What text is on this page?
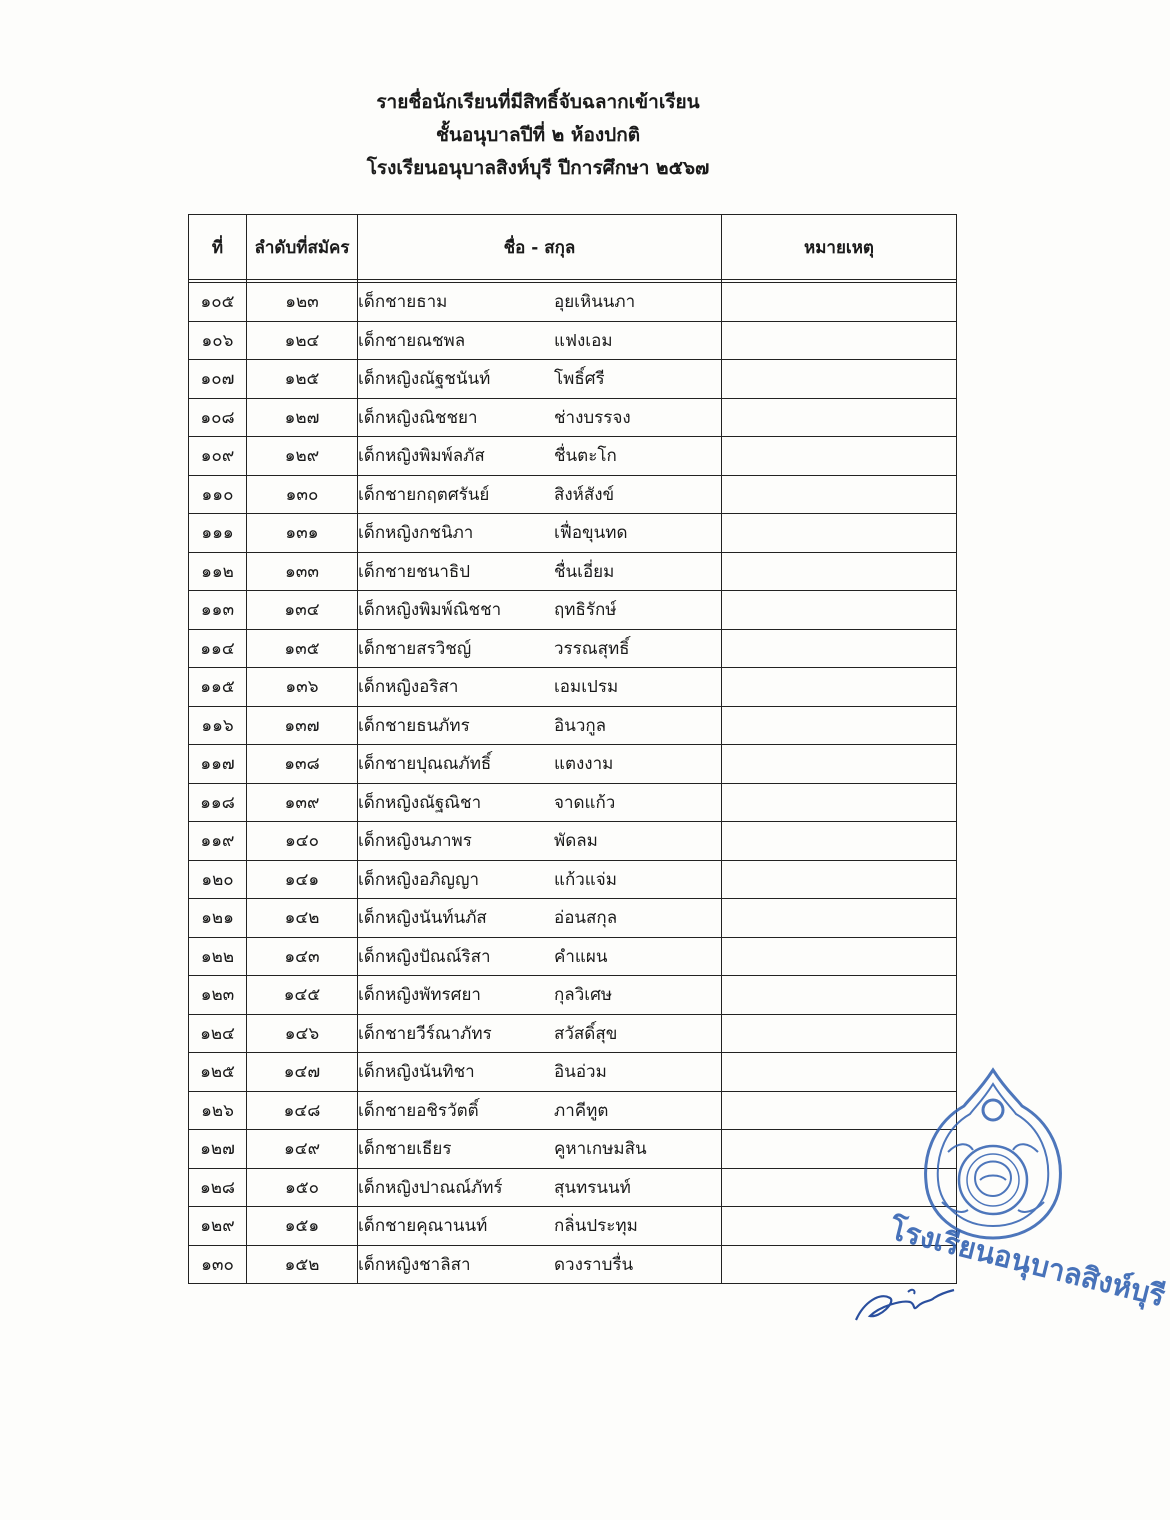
รายชื่อนักเรียนที่มีสิทธิ์จับฉลากเข้าเรียน
ชั้นอนุบาลปีที่ ๒ ห้องปกติ
โรงเรียนอนุบาลสิงห์บุรี ปีการศึกษา ๒๕๖๗
ที่	ลำดับที่สมัคร	ชื่อ - สกุล	หมายเหตุ

๑๐๕	๑๒๓	เด็กชายธาม อุยเหินนภา	
๑๐๖	๑๒๔	เด็กชายณชพล แฟงเอม	
๑๐๗	๑๒๕	เด็กหญิงณัฐชนันท์ โพธิ์ศรี	
๑๐๘	๑๒๗	เด็กหญิงณิชชยา ช่างบรรจง	
๑๐๙	๑๒๙	เด็กหญิงพิมพ์ลภัส ชื่นตะโก	
๑๑๐	๑๓๐	เด็กชายกฤตศรันย์ สิงห์สังข์	
๑๑๑	๑๓๑	เด็กหญิงกชนิภา เฟื่อขุนทด	
๑๑๒	๑๓๓	เด็กชายชนาธิป ชื่นเอี่ยม	
๑๑๓	๑๓๔	เด็กหญิงพิมพ์ณิชชา ฤทธิรักษ์	
๑๑๔	๑๓๕	เด็กชายสรวิชญ์ วรรณสุทธิ์	
๑๑๕	๑๓๖	เด็กหญิงอริสา เอมเปรม	
๑๑๖	๑๓๗	เด็กชายธนภัทร อินวกูล	
๑๑๗	๑๓๘	เด็กชายปุณณภัทธิ์ แตงงาม	
๑๑๘	๑๓๙	เด็กหญิงณัฐณิชา จาดแก้ว	
๑๑๙	๑๔๐	เด็กหญิงนภาพร พัดลม	
๑๒๐	๑๔๑	เด็กหญิงอภิญญา แก้วแจ่ม	
๑๒๑	๑๔๒	เด็กหญิงนันท์นภัส อ่อนสกุล	
๑๒๒	๑๔๓	เด็กหญิงปัณณ์ริสา คำแผน	
๑๒๓	๑๔๕	เด็กหญิงพัทรศยา กุลวิเศษ	
๑๒๔	๑๔๖	เด็กชายวีร์ณาภัทร สวัสดิ์สุข	
๑๒๕	๑๔๗	เด็กหญิงนันทิชา อินอ่วม	
๑๒๖	๑๔๘	เด็กชายอชิรวัตติ์ ภาคีทูต	
๑๒๗	๑๔๙	เด็กชายเธียร คูหาเกษมสิน	
๑๒๘	๑๕๐	เด็กหญิงปาณณ์ภัทร์ สุนทรนนท์	
๑๒๙	๑๕๑	เด็กชายคุณานนท์ กลิ่นประทุม	
๑๓๐	๑๕๒	เด็กหญิงชาลิสา ดวงราบรื่น		โรงเรียนอนุบาลสิงห์บุรี
